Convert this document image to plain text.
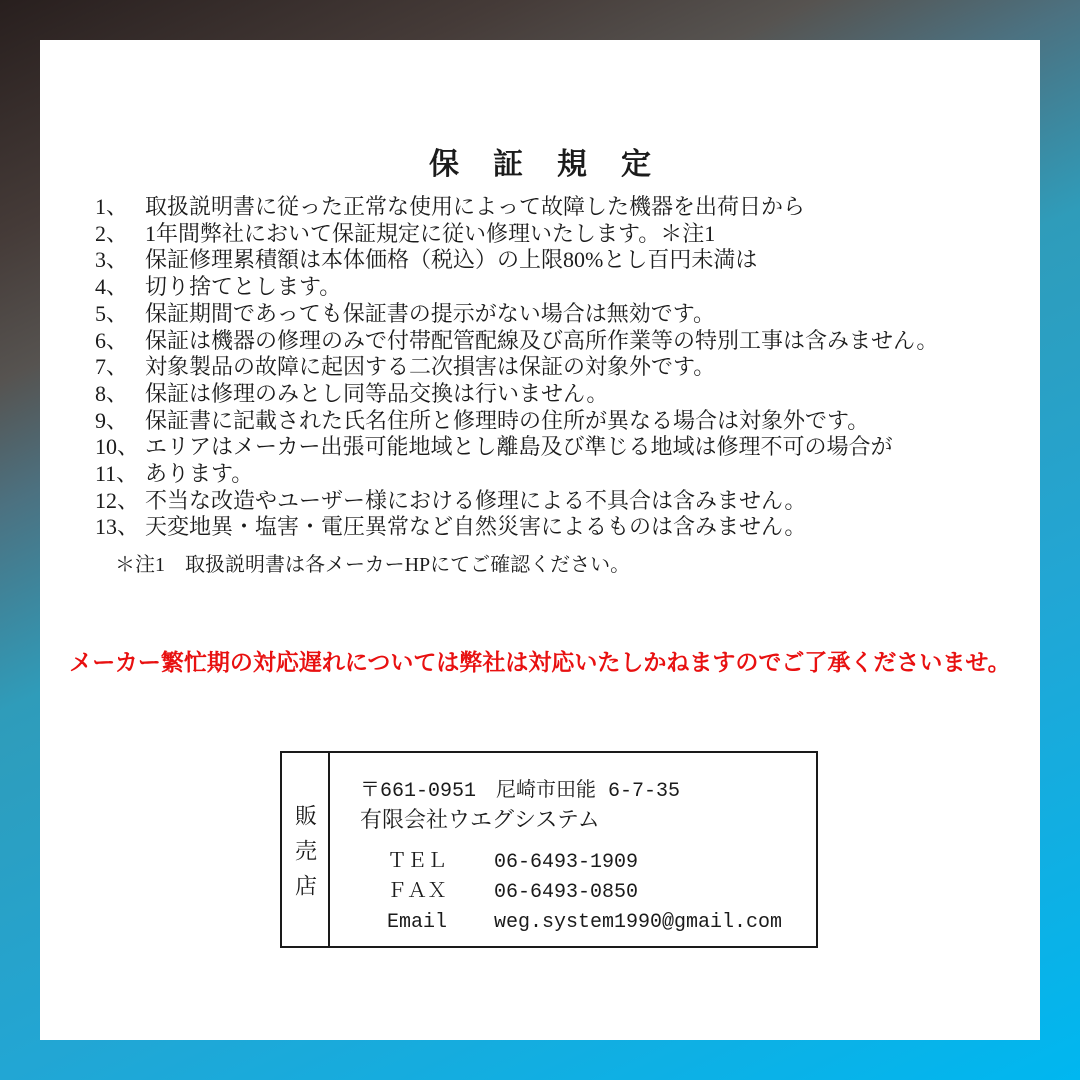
保証規定
1、 取扱説明書に従った正常な使用によって故障した機器を出荷日から
2、 1年間弊社において保証規定に従い修理いたします。＊注1
3、 保証修理累積額は本体価格（税込）の上限80%とし百円未満は
4、 切り捨てとします。
5、 保証期間であっても保証書の提示がない場合は無効です。
6、 保証は機器の修理のみで付帯配管配線及び高所作業等の特別工事は含みません。
7、 対象製品の故障に起因する二次損害は保証の対象外です。
8、 保証は修理のみとし同等品交換は行いません。
9、 保証書に記載された氏名住所と修理時の住所が異なる場合は対象外です。
10、 エリアはメーカー出張可能地域とし離島及び準じる地域は修理不可の場合が
11、 あります。
12、 不当な改造やユーザー様における修理による不具合は含みません。
13、 天変地異・塩害・電圧異常など自然災害によるものは含みません。

＊注1　取扱説明書は各メーカーHPにてご確認ください。

メーカー繁忙期の対応遅れについては弊社は対応いたしかねますのでご了承くださいませ。

販売店
〒661-0951　尼崎市田能 6-7-35
有限会社ウエグシステム
ＴＥＬ 06-6493-1909
ＦＡＸ 06-6493-0850
Email weg.system1990@gmail.com
